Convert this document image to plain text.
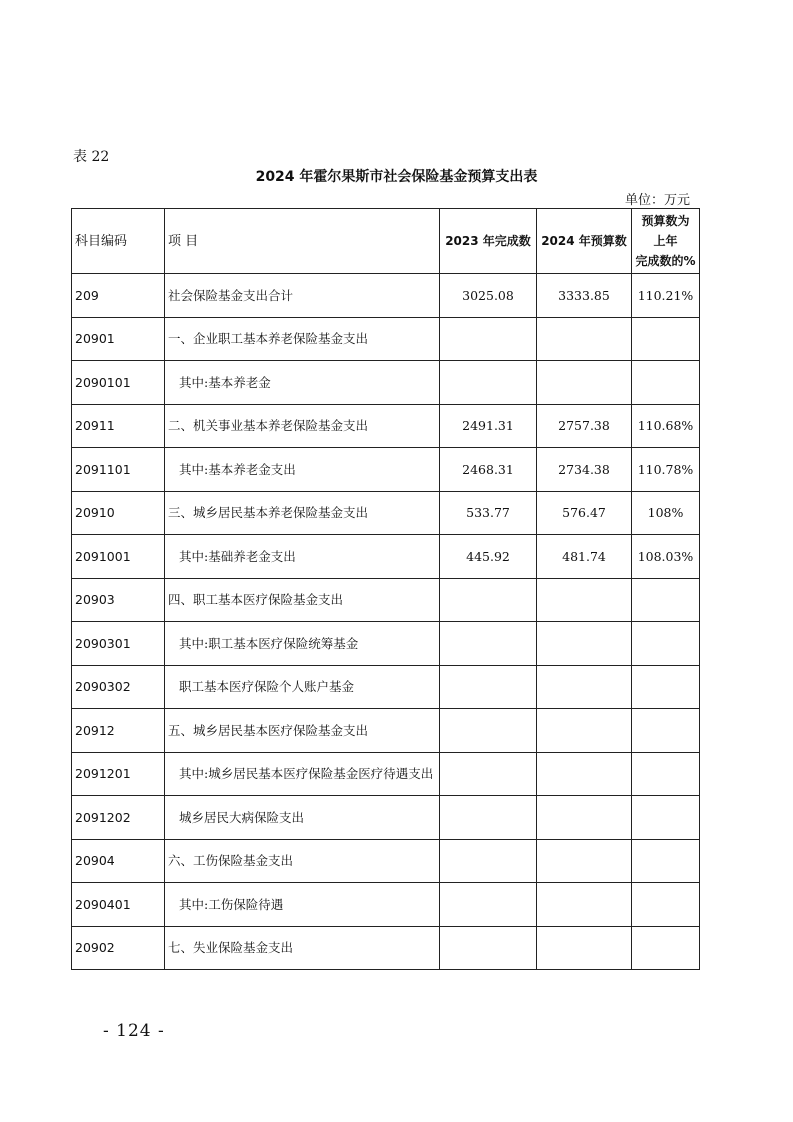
表 22
2024 年霍尔果斯市社会保险基金预算支出表
单位：万元
科目编码	项 目	2023 年完成数	2024 年预算数	预算数为
上年
完成数的%

209	社会保险基金支出合计	3025.08	3333.85	110.21%
20901	一、企业职工基本养老保险基金支出			
2090101	其中:基本养老金			
20911	二、机关事业基本养老保险基金支出	2491.31	2757.38	110.68%
2091101	其中:基本养老金支出	2468.31	2734.38	110.78%
20910	三、城乡居民基本养老保险基金支出	533.77	576.47	108%
2091001	其中:基础养老金支出	445.92	481.74	108.03%
20903	四、职工基本医疗保险基金支出			
2090301	其中:职工基本医疗保险统筹基金			
2090302	职工基本医疗保险个人账户基金			
20912	五、城乡居民基本医疗保险基金支出			
2091201	其中:城乡居民基本医疗保险基金医疗待遇支出			
2091202	城乡居民大病保险支出			
20904	六、工伤保险基金支出			
2090401	其中:工伤保险待遇			
20902	七、失业保险基金支出			
- 124 -
